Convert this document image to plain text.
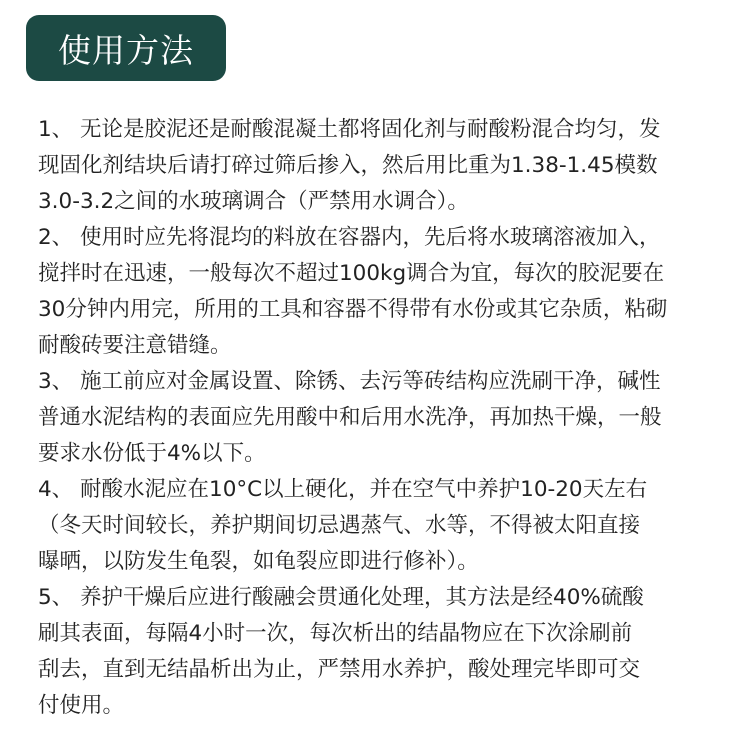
使用方法
1、 无论是胶泥还是耐酸混凝土都将固化剂与耐酸粉混合均匀，发
现固化剂结块后请打碎过筛后掺入，然后用比重为1.38-1.45模数
3.0-3.2之间的水玻璃调合（严禁用水调合）。
2、 使用时应先将混均的料放在容器内，先后将水玻璃溶液加入，
搅拌时在迅速，一般每次不超过100kg调合为宜，每次的胶泥要在
30分钟内用完，所用的工具和容器不得带有水份或其它杂质，粘砌
耐酸砖要注意错缝。
3、 施工前应对金属设置、除锈、去污等砖结构应洗刷干净，碱性
普通水泥结构的表面应先用酸中和后用水洗净，再加热干燥，一般
要求水份低于4%以下。
4、 耐酸水泥应在10°C以上硬化，并在空气中养护10-20天左右
（冬天时间较长，养护期间切忌遇蒸气、水等，不得被太阳直接
曝晒，以防发生龟裂，如龟裂应即进行修补）。
5、 养护干燥后应进行酸融会贯通化处理，其方法是经40%硫酸
刷其表面，每隔4小时一次，每次析出的结晶物应在下次涂刷前
刮去，直到无结晶析出为止，严禁用水养护，酸处理完毕即可交
付使用。
